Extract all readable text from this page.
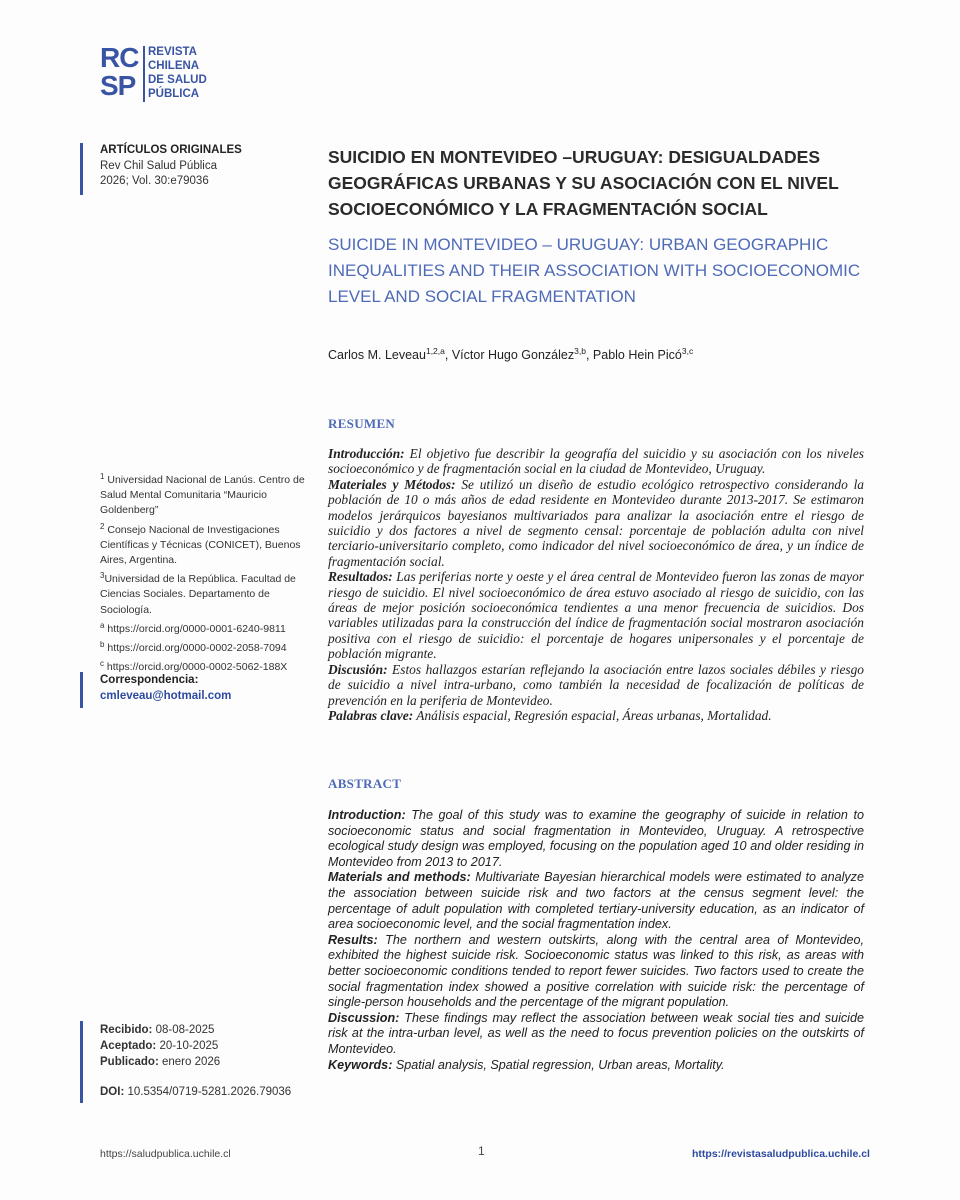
RC
SP
REVISTA
CHILENA
DE SALUD
PÚBLICA
ARTÍCULOS ORIGINALES
Rev Chil Salud Pública
2026; Vol. 30:e79036

$^1$ Universidad Nacional de Lanús. Centro de Salud Mental Comunitaria “Mauricio Goldenberg”

$^2$ Consejo Nacional de Investigaciones Científicas y Técnicas (CONICET), Buenos Aires, Argentina.

$^3$Universidad de la República. Facultad de Ciencias Sociales. Departamento de Sociología.

$^a$ https://orcid.org/0000-0001-6240-9811

$^b$ https://orcid.org/0000-0002-2058-7094

$^c$ https://orcid.org/0000-0002-5062-188X

Correspondencia:
cmleveau@hotmail.com

Recibido: 08-08-2025

Aceptado: 20-10-2025

Publicado: enero 2026

DOI: 10.5354/0719-5281.2026.79036

SUICIDIO EN MONTEVIDEO –URUGUAY: DESIGUALDADES GEOGRÁFICAS URBANAS Y SU ASOCIACIÓN CON EL NIVEL SOCIOECONÓMICO Y LA FRAGMENTACIÓN SOCIAL
SUICIDE IN MONTEVIDEO – URUGUAY: URBAN GEOGRAPHIC INEQUALITIES AND THEIR ASSOCIATION WITH SOCIOECONOMIC LEVEL AND SOCIAL FRAGMENTATION
Carlos M. Leveau$^{1,2,a}$, Víctor Hugo González$^{3,b}$, Pablo Hein Picó$^{3,c}$
RESUMEN

Introducción: El objetivo fue describir la geografía del suicidio y su asociación con los niveles socioeconómico y de fragmentación social en la ciudad de Montevideo, Uruguay.

Materiales y Métodos: Se utilizó un diseño de estudio ecológico retrospectivo considerando la población de 10 o más años de edad residente en Montevideo durante 2013-2017. Se estimaron modelos jerárquicos bayesianos multivariados para analizar la asociación entre el riesgo de suicidio y dos factores a nivel de segmento censal: porcentaje de población adulta con nivel terciario-universitario completo, como indicador del nivel socioeconómico de área, y un índice de fragmentación social.

Resultados: Las periferias norte y oeste y el área central de Montevideo fueron las zonas de mayor riesgo de suicidio. El nivel socioeconómico de área estuvo asociado al riesgo de suicidio, con las áreas de mejor posición socioeconómica tendientes a una menor frecuencia de suicidios. Dos variables utilizadas para la construcción del índice de fragmentación social mostraron asociación positiva con el riesgo de suicidio: el porcentaje de hogares unipersonales y el porcentaje de población migrante.

Discusión: Estos hallazgos estarían reflejando la asociación entre lazos sociales débiles y riesgo de suicidio a nivel intra-urbano, como también la necesidad de focalización de políticas de prevención en la periferia de Montevideo.

Palabras clave: Análisis espacial, Regresión espacial, Áreas urbanas, Mortalidad.

ABSTRACT

Introduction: The goal of this study was to examine the geography of suicide in relation to socioeconomic status and social fragmentation in Montevideo, Uruguay. A retrospective ecological study design was employed, focusing on the population aged 10 and older residing in Montevideo from 2013 to 2017.

Materials and methods: Multivariate Bayesian hierarchical models were estimated to analyze the association between suicide risk and two factors at the census segment level: the percentage of adult population with completed tertiary-university education, as an indicator of area socioeconomic level, and the social fragmentation index.

Results: The northern and western outskirts, along with the central area of Montevideo, exhibited the highest suicide risk. Socioeconomic status was linked to this risk, as areas with better socioeconomic conditions tended to report fewer suicides. Two factors used to create the social fragmentation index showed a positive correlation with suicide risk: the percentage of single-person households and the percentage of the migrant population.

Discussion: These findings may reflect the association between weak social ties and suicide risk at the intra-urban level, as well as the need to focus prevention policies on the outskirts of Montevideo.

Keywords: Spatial analysis, Spatial regression, Urban areas, Mortality.

https://saludpublica.uchile.cl	1	https://revistasaludpublica.uchile.cl
